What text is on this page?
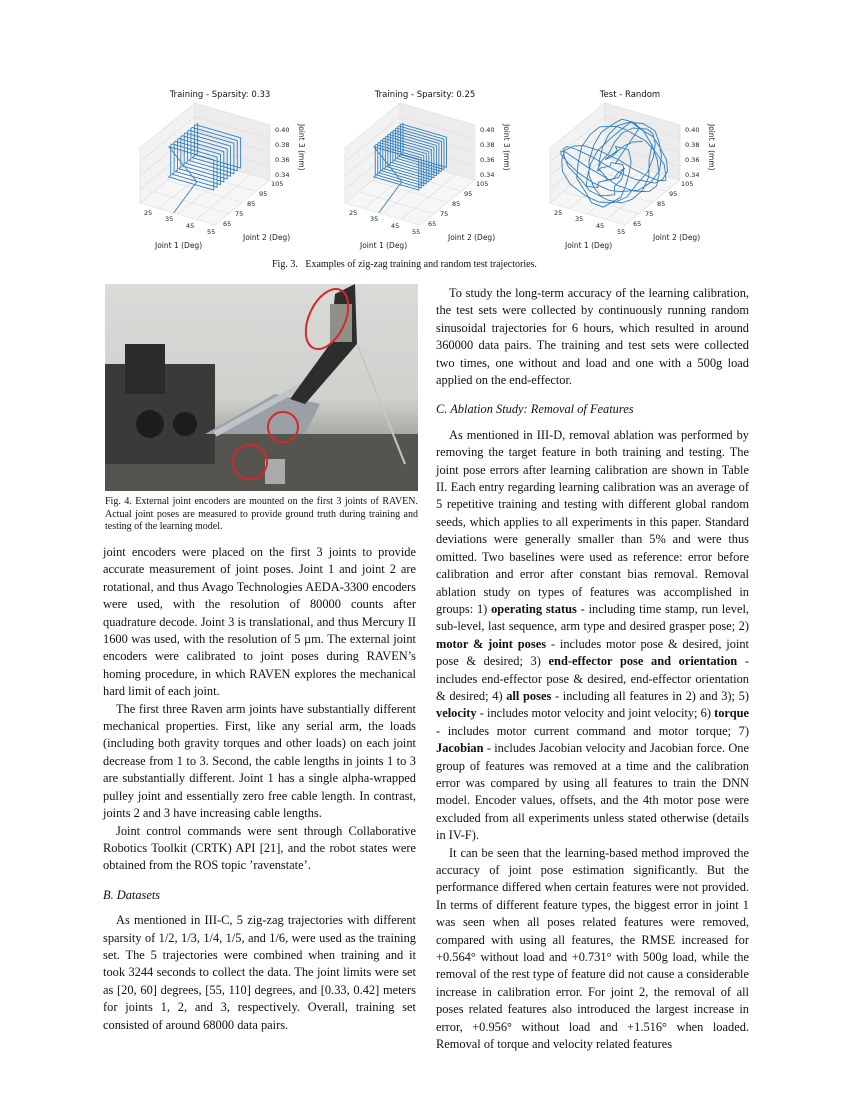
Training - Sparsity: 0.33
25
35
45
55
65
75
85
95
105
0.34
0.36
0.38
0.40
Joint 1 (Deg)
Joint 2 (Deg)
Joint 3 (mm)
Training - Sparsity: 0.25
25
35
45
55
65
75
85
95
105
0.34
0.36
0.38
0.40
Joint 1 (Deg)
Joint 2 (Deg)
Joint 3 (mm)
Test - Random
25
35
45
55
65
75
85
95
105
0.34
0.36
0.38
0.40
Joint 1 (Deg)
Joint 2 (Deg)
Joint 3 (mm)
Fig. 3.   Examples of zig-zag training and random test trajectories.
Fig. 4. External joint encoders are mounted on the first 3 joints of RAVEN. Actual joint poses are measured to provide ground truth during training and testing of the learning model.

joint encoders were placed on the first 3 joints to provide accurate measurement of joint poses. Joint 1 and joint 2 are rotational, and thus Avago Technologies AEDA-3300 encoders were used, with the resolution of 80000 counts after quadrature decode. Joint 3 is translational, and thus Mercury II 1600 was used, with the resolution of 5 µm. The external joint encoders were calibrated to joint poses during RAVEN’s homing procedure, in which RAVEN explores the mechanical hard limit of each joint.

The first three Raven arm joints have substantially different mechanical properties. First, like any serial arm, the loads (including both gravity torques and other loads) on each joint decrease from 1 to 3. Second, the cable lengths in joints 1 to 3 are substantially different. Joint 1 has a single alpha-wrapped pulley joint and essentially zero free cable length. In contrast, joints 2 and 3 have increasing cable lengths.

Joint control commands were sent through Collaborative Robotics Toolkit (CRTK) API [21], and the robot states were obtained from the ROS topic ’ravenstate’.

B. Datasets

As mentioned in III-C, 5 zig-zag trajectories with different sparsity of 1/2, 1/3, 1/4, 1/5, and 1/6, were used as the training set. The 5 trajectories were combined when training and it took 3244 seconds to collect the data. The joint limits were set as [20, 60] degrees, [55, 110] degrees, and [0.33, 0.42] meters for joints 1, 2, and 3, respectively. Overall, training set consisted of around 68000 data pairs.

To study the long-term accuracy of the learning calibration, the test sets were collected by continuously running random sinusoidal trajectories for 6 hours, which resulted in around 360000 data pairs. The training and test sets were collected two times, one without and load and one with a 500g load applied on the end-effector.

C. Ablation Study: Removal of Features

As mentioned in III-D, removal ablation was performed by removing the target feature in both training and testing. The joint pose errors after learning calibration are shown in Table II. Each entry regarding learning calibration was an average of 5 repetitive training and testing with different global random seeds, which applies to all experiments in this paper. Standard deviations were generally smaller than 5% and were thus omitted. Two baselines were used as reference: error before calibration and error after constant bias removal. Removal ablation study on types of features was accomplished in groups: 1) operating status - including time stamp, run level, sub-level, last sequence, arm type and desired grasper pose; 2) motor & joint poses - includes motor pose & desired, joint pose & desired; 3) end-effector pose and orientation - includes end-effector pose & desired, end-effector orientation & desired; 4) all poses - including all features in 2) and 3); 5) velocity - includes motor velocity and joint velocity; 6) torque - includes motor current command and motor torque; 7) Jacobian - includes Jacobian velocity and Jacobian force. One group of features was removed at a time and the calibration error was compared by using all features to train the DNN model. Encoder values, offsets, and the 4th motor pose were excluded from all experiments unless stated otherwise (details in IV-F).

It can be seen that the learning-based method improved the accuracy of joint pose estimation significantly. But the performance differed when certain features were not provided. In terms of different feature types, the biggest error in joint 1 was seen when all poses related features were removed, compared with using all features, the RMSE increased for +0.564° without load and +0.731° with 500g load, while the removal of the rest type of feature did not cause a considerable increase in calibration error. For joint 2, the removal of all poses related features also introduced the largest increase in error, +0.956° without load and +1.516° when loaded. Removal of torque and velocity related features
